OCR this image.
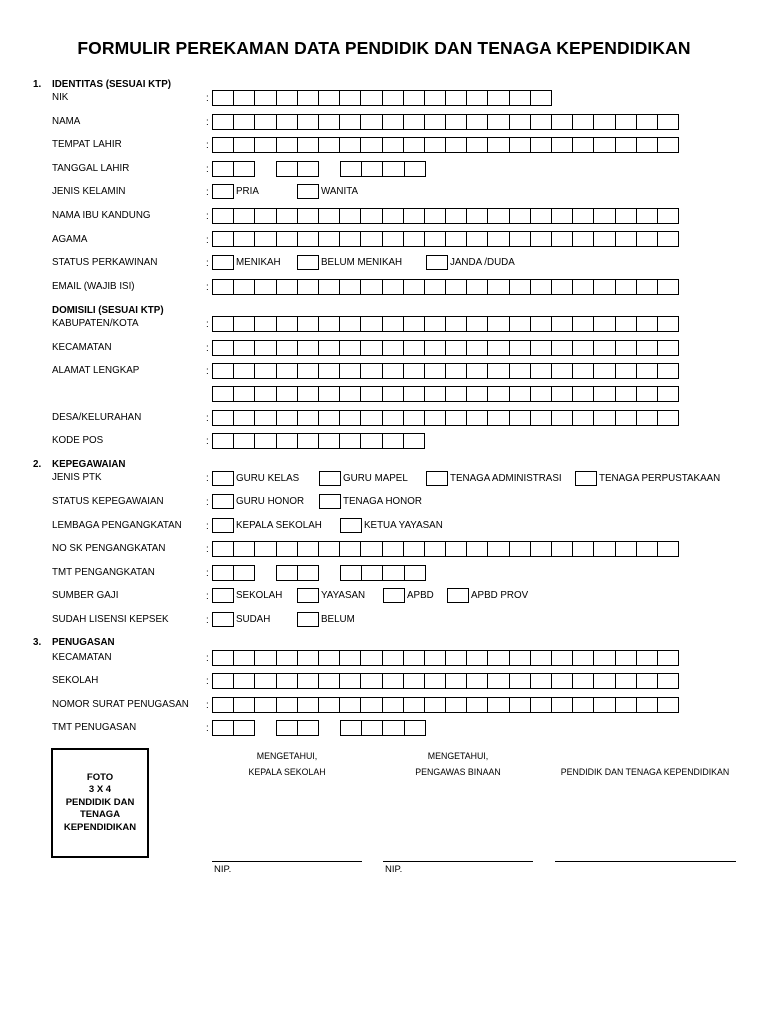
FORMULIR PEREKAMAN DATA PENDIDIK DAN TENAGA KEPENDIDIKAN
1. IDENTITAS (SESUAI KTP)
NIK	:
NAMA	:
TEMPAT LAHIR	:
TANGGAL LAHIR	:
JENIS KELAMIN	:	PRIA	WANITA
NAMA IBU KANDUNG	:
AGAMA	:
STATUS PERKAWINAN	:	MENIKAH	BELUM MENIKAH	JANDA /DUDA
EMAIL (WAJIB ISI)	:
DOMISILI (SESUAI KTP)
KABUPATEN/KOTA	:
KECAMATAN	:
ALAMAT LENGKAP	:
DESA/KELURAHAN	:
KODE POS	:
2. KEPEGAWAIAN
JENIS PTK	:	GURU KELAS	GURU MAPEL	TENAGA ADMINISTRASI	TENAGA PERPUSTAKAAN
STATUS KEPEGAWAIAN	:	GURU HONOR	TENAGA HONOR
LEMBAGA PENGANGKATAN :	KEPALA SEKOLAH	KETUA YAYASAN
NO SK PENGANGKATAN	:
TMT PENGANGKATAN	:
SUMBER GAJI	:	SEKOLAH	YAYASAN	APBD	APBD PROV
SUDAH LISENSI KEPSEK	:	SUDAH	BELUM
3. PENUGASAN
KECAMATAN	:
SEKOLAH	:
NOMOR SURAT PENUGASAN :
TMT PENUGASAN	:
FOTO
3 X 4
PENDIDIK DAN
TENAGA
KEPENDIDIKAN
MENGETAHUI,
KEPALA SEKOLAH
MENGETAHUI,
PENGAWAS BINAAN	PENDIDIK DAN TENAGA KEPENDIDIKAN
NIP.	NIP.
